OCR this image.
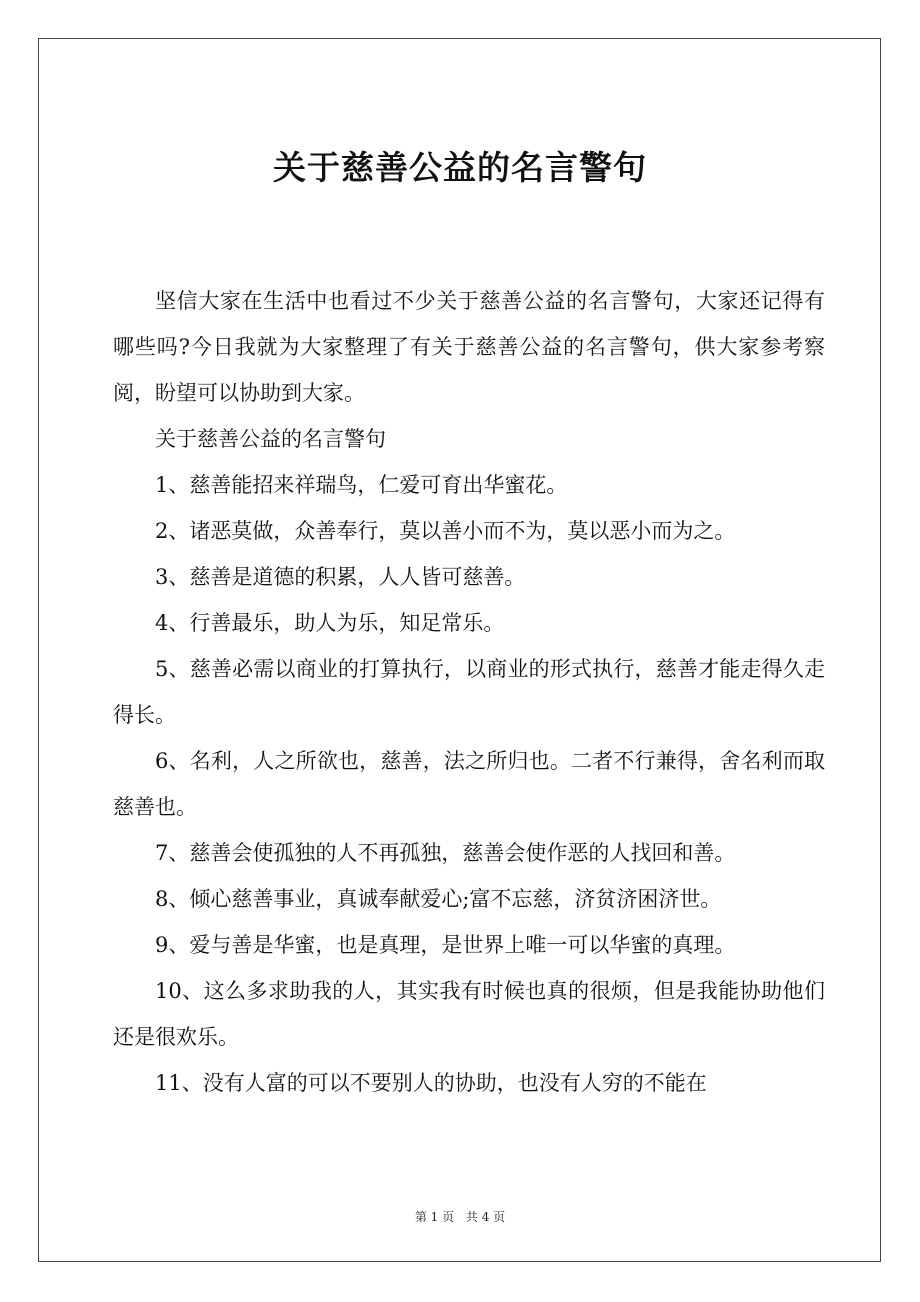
关于慈善公益的名言警句

坚信大家在生活中也看过不少关于慈善公益的名言警句，大家还记得有哪些吗?今日我就为大家整理了有关于慈善公益的名言警句，供大家参考察阅，盼望可以协助到大家。

关于慈善公益的名言警句

1、慈善能招来祥瑞鸟，仁爱可育出华蜜花。

2、诸恶莫做，众善奉行，莫以善小而不为，莫以恶小而为之。

3、慈善是道德的积累，人人皆可慈善。

4、行善最乐，助人为乐，知足常乐。

5、慈善必需以商业的打算执行，以商业的形式执行，慈善才能走得久走得长。

6、名利，人之所欲也，慈善，法之所归也。二者不行兼得，舍名利而取慈善也。

7、慈善会使孤独的人不再孤独，慈善会使作恶的人找回和善。

8、倾心慈善事业，真诚奉献爱心;富不忘慈，济贫济困济世。

9、爱与善是华蜜，也是真理，是世界上唯一可以华蜜的真理。

10、这么多求助我的人，其实我有时候也真的很烦，但是我能协助他们还是很欢乐。

11、没有人富的可以不要别人的协助，也没有人穷的不能在

第 1 页 共 4 页
